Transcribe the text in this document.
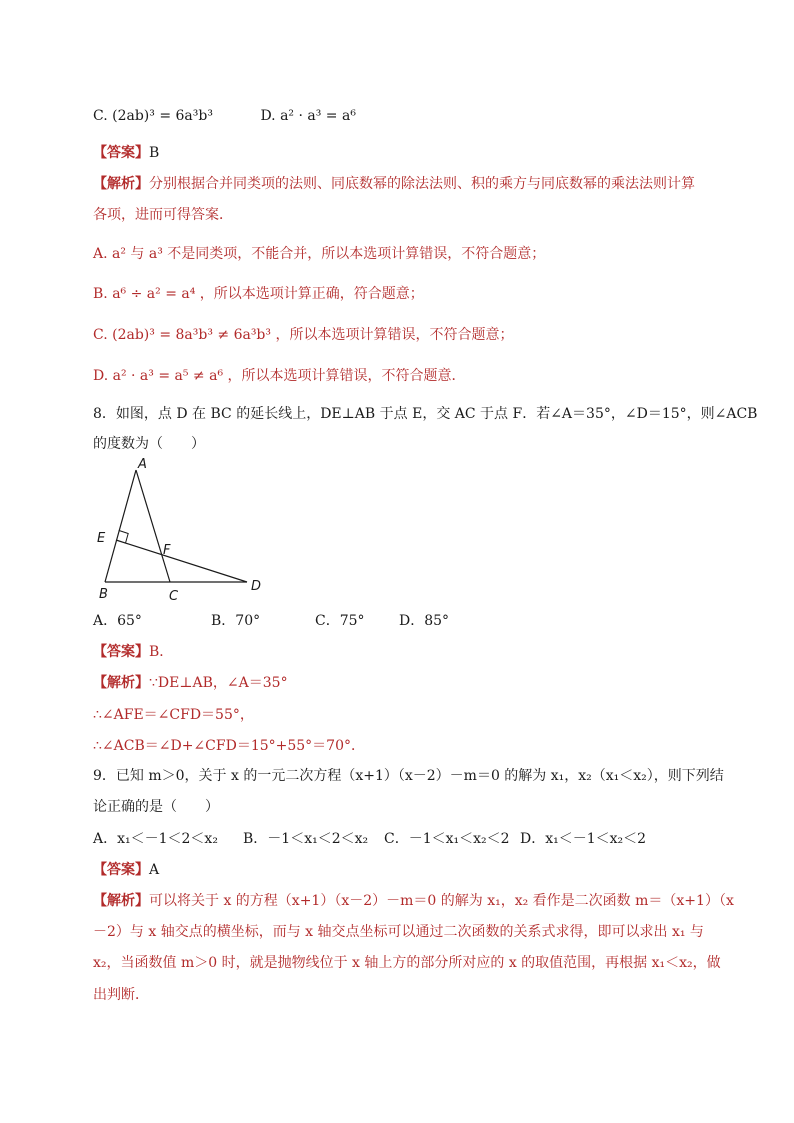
C. (2ab)³ = 6a³b³	D. a² · a³ = a⁶
【答案】B
【解析】分别根据合并同类项的法则、同底数幂的除法法则、积的乘方与同底数幂的乘法法则计算
各项，进而可得答案．
A. a² 与 a³ 不是同类项，不能合并，所以本选项计算错误，不符合题意；
B. a⁶ ÷ a² = a⁴ ，所以本选项计算正确，符合题意；
C. (2ab)³ = 8a³b³ ≠ 6a³b³ ，所以本选项计算错误，不符合题意；
D. a² · a³ = a⁵ ≠ a⁶ ，所以本选项计算错误，不符合题意．
8．如图，点 D 在 BC 的延长线上，DE⊥AB 于点 E，交 AC 于点 F．若∠A＝35°，∠D＝15°，则∠ACB
的度数为（　　）
A
E
F
B	C
D
A．65°	B．70°	C．75° D．85°
【答案】B．
【解析】∵DE⊥AB，∠A＝35°
∴∠AFE＝∠CFD＝55°，
∴∠ACB＝∠D+∠CFD＝15°+55°＝70°．
9．已知 m＞0，关于 x 的一元二次方程（x+1）（x－2）－m＝0 的解为 x₁，x₂（x₁＜x₂），则下列结
论正确的是（　　）
A．x₁＜－1＜2＜x₂ B．－1＜x₁＜2＜x₂ C．－1＜x₁＜x₂＜2 D．x₁＜－1＜x₂＜2
【答案】A
【解析】可以将关于 x 的方程（x+1）（x－2）－m＝0 的解为 x₁，x₂ 看作是二次函数 m＝（x+1）（x
－2）与 x 轴交点的横坐标，而与 x 轴交点坐标可以通过二次函数的关系式求得，即可以求出 x₁ 与
x₂，当函数值 m＞0 时，就是抛物线位于 x 轴上方的部分所对应的 x 的取值范围，再根据 x₁＜x₂，做
出判断．
